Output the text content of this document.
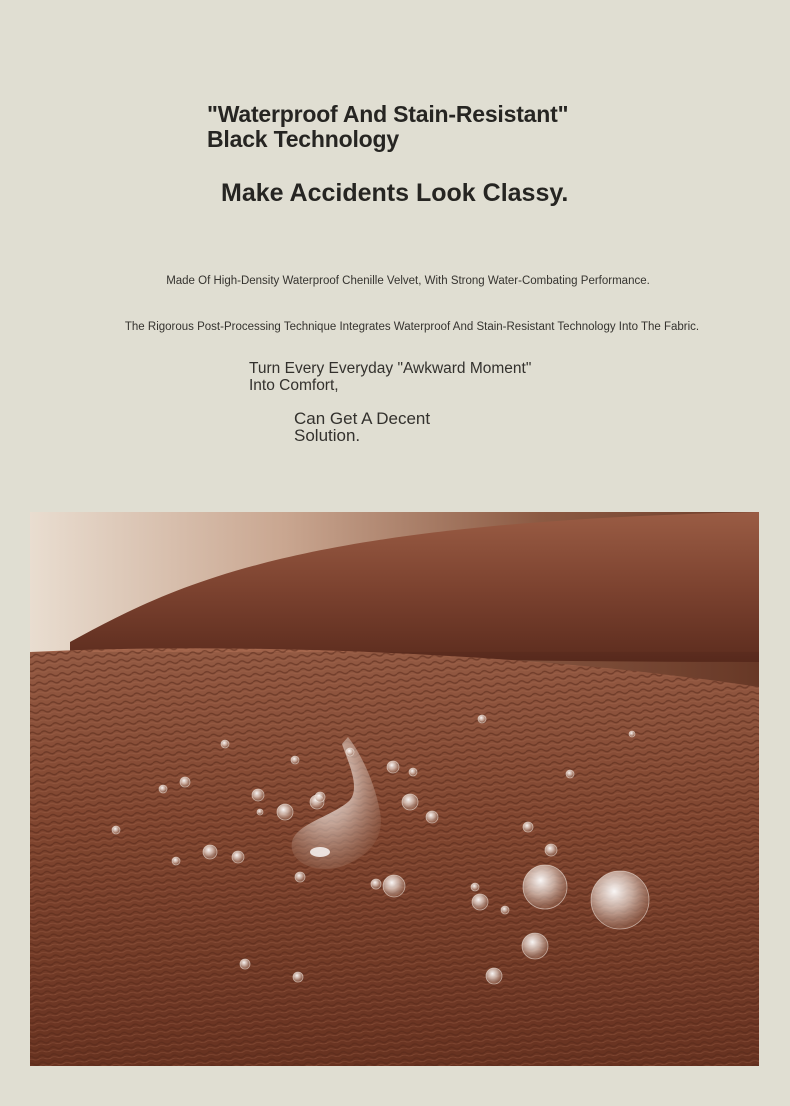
"Waterproof And Stain-Resistant"
Black Technology
Make Accidents Look Classy.
Made Of High-Density Waterproof Chenille Velvet, With Strong Water-Combating Performance.
The Rigorous Post-Processing Technique Integrates Waterproof And Stain-Resistant Technology Into The Fabric.
Turn Every Everyday "Awkward Moment"
Into Comfort,
Can Get A Decent
Solution.
